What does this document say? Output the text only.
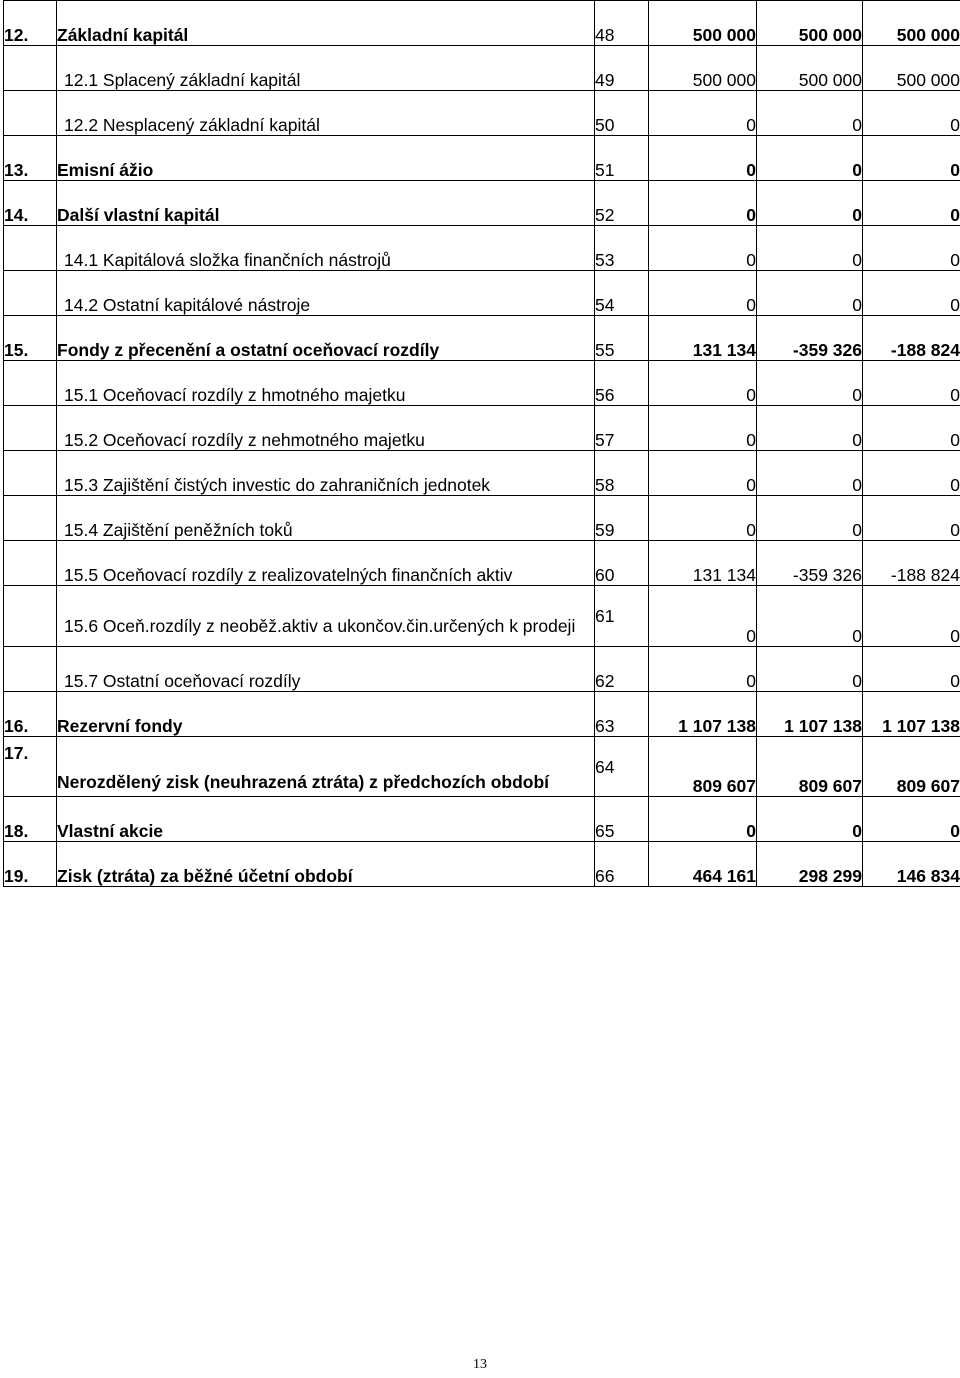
12.	Základní kapitál	48	500 000	500 000	500 000
	12.1 Splacený základní kapitál	49	500 000	500 000	500 000
	12.2 Nesplacený základní kapitál	50	0	0	0
13.	Emisní ážio	51	0	0	0
14.	Další vlastní kapitál	52	0	0	0
	14.1 Kapitálová složka finančních nástrojů	53	0	0	0
	14.2 Ostatní kapitálové nástroje	54	0	0	0
15.	Fondy z přecenění a ostatní oceňovací rozdíly	55	131 134	-359 326	-188 824
	15.1 Oceňovací rozdíly z hmotného majetku	56	0	0	0
	15.2 Oceňovací rozdíly z nehmotného majetku	57	0	0	0
	15.3 Zajištění čistých investic do zahraničních jednotek	58	0	0	0
	15.4 Zajištění peněžních toků	59	0	0	0
	15.5 Oceňovací rozdíly z realizovatelných finančních aktiv	60	131 134	-359 326	-188 824
	15.6 Oceň.rozdíly z neoběž.aktiv a ukončov.čin.určených k prodeji	61	0	0	0
	15.7 Ostatní oceňovací rozdíly	62	0	0	0
16.	Rezervní fondy	63	1 107 138	1 107 138	1 107 138
17.	Nerozdělený zisk (neuhrazená ztráta) z předchozích období	64	809 607	809 607	809 607
18.	Vlastní akcie	65	0	0	0
19.	Zisk (ztráta) za běžné účetní období	66	464 161	298 299	146 834
13
